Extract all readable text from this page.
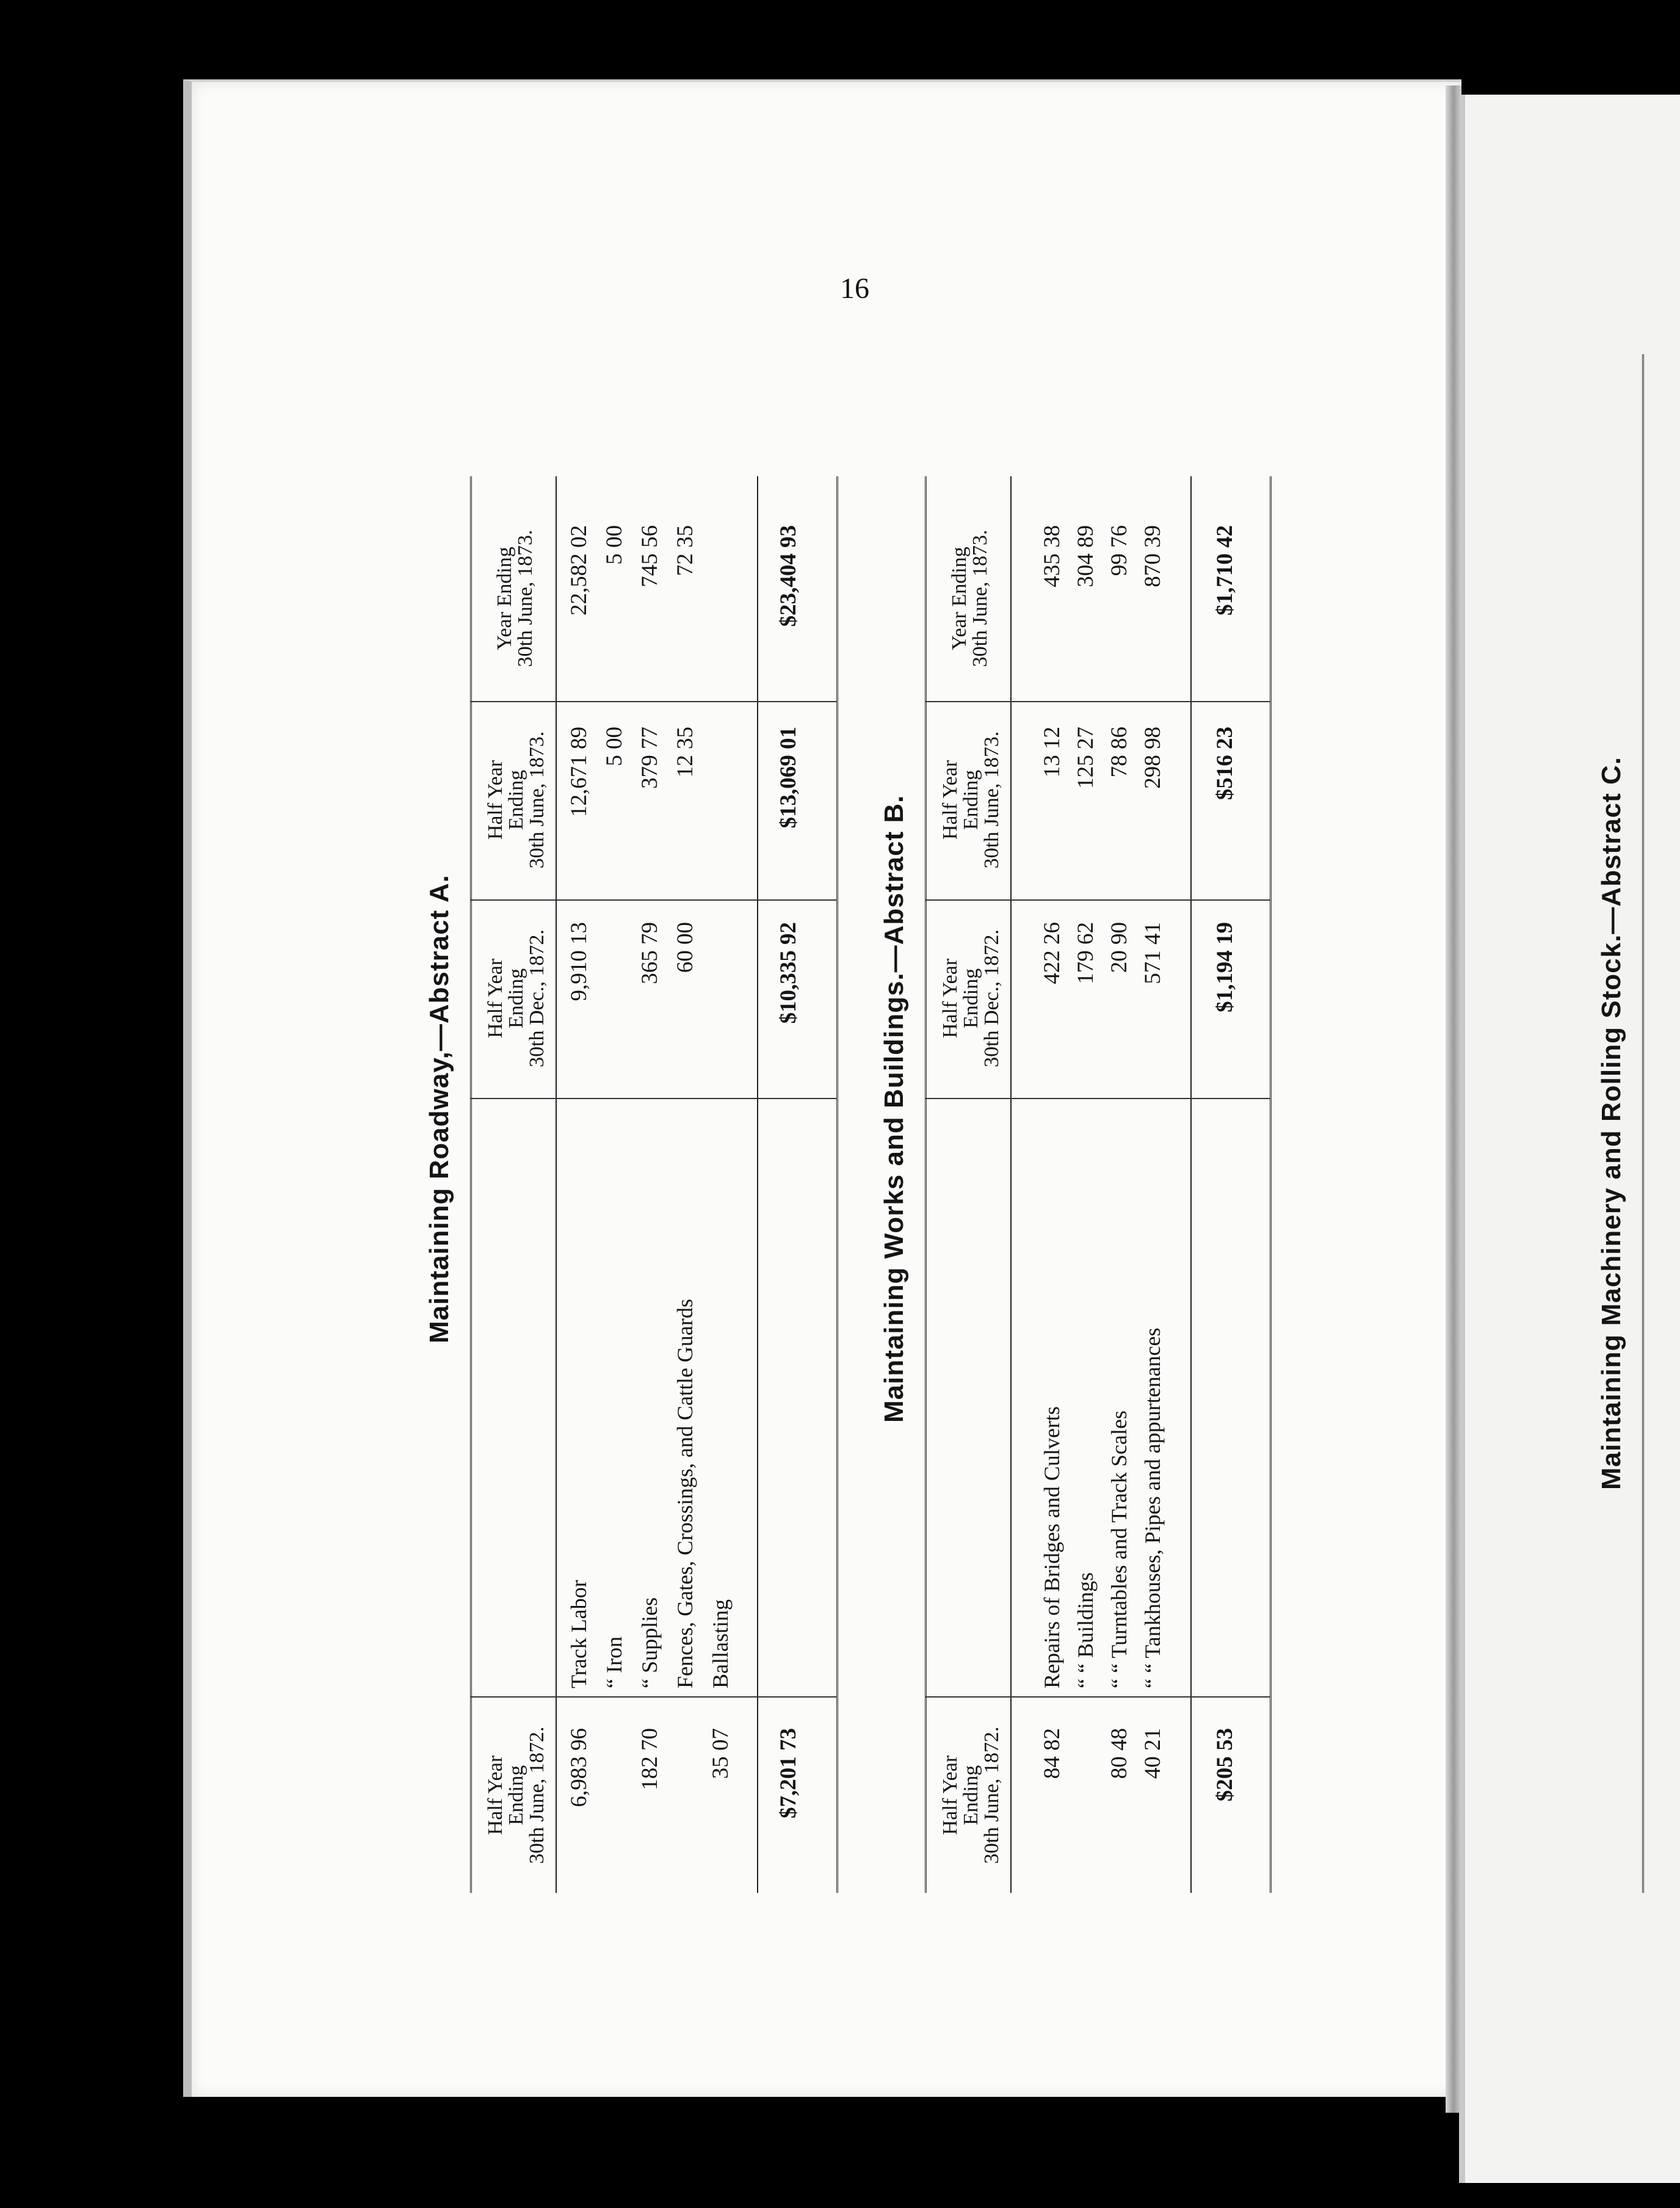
16
Maintaining Roadway,—Abstract A.
Half Year
Ending
30th June, 1872.
Half Year
Ending
30th Dec., 1872.
Half Year
Ending
30th June, 1873.
Year Ending
30th June, 1873.
6,983 96
Track Labor
9,910 13
12,671 89
22,582 02
“ Iron
5 00
5 00
182 70
“ Supplies
365 79
379 77
745 56
Fences, Gates, Crossings, and Cattle Guards
60 00
12 35
72 35
35 07
Ballasting
$7,201 73
$10,335 92
$13,069 01
$23,404 93
Maintaining Works and Buildings.—Abstract B.
Half Year
Ending
30th June, 1872.
Half Year
Ending
30th Dec., 1872.
Half Year
Ending
30th June, 1873.
Year Ending
30th June, 1873.
84 82
Repairs of Bridges and Culverts
422 26
13 12
435 38
“ “ Buildings
179 62
125 27
304 89
80 48
“ “ Turntables and Track Scales
20 90
78 86
99 76
40 21
“ “ Tankhouses, Pipes and appurtenances
571 41
298 98
870 39
$205 53
$1,194 19
$516 23
$1,710 42
Maintaining Machinery and Rolling Stock.—Abstract C.
